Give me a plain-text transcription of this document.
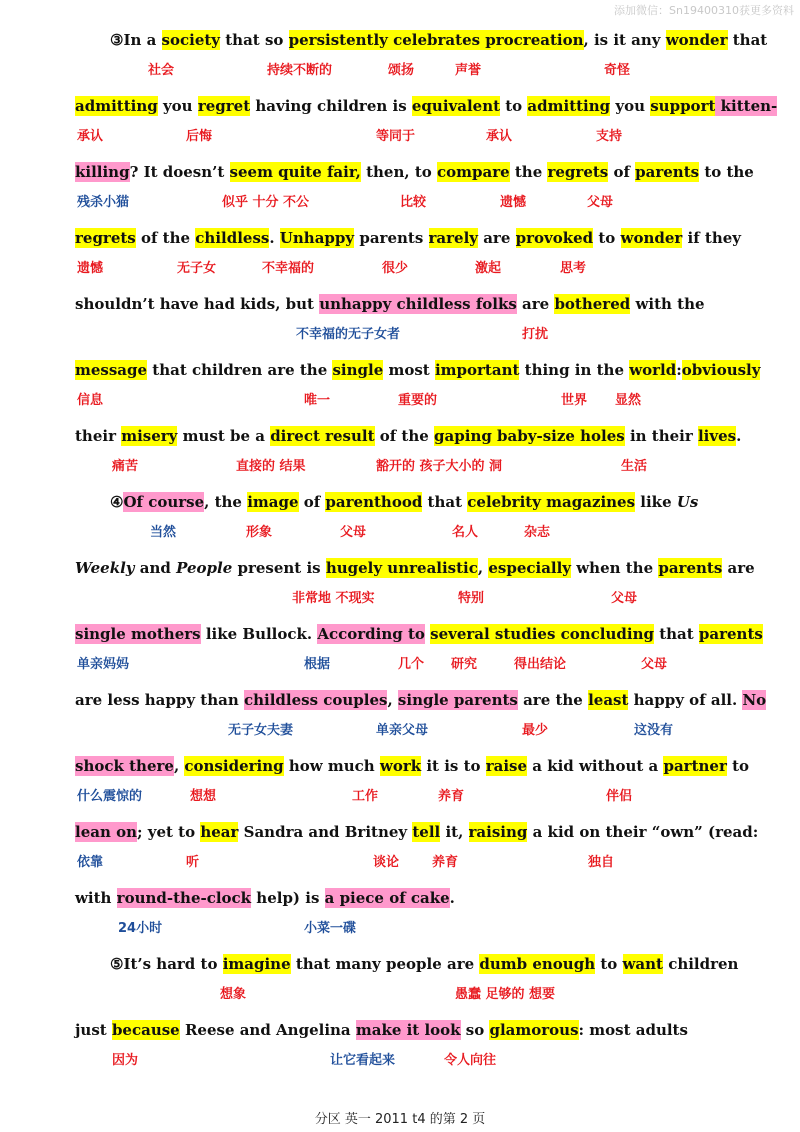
添加微信：Sn19400310获更多资料
③In a society that so persistently celebrates procreation, is it any wonder that
社会	持续不断的	颂扬	声誉	奇怪
admitting you regret having children is equivalent to admitting you support kitten-
承认	后悔	等同于	承认	支持
killing? It doesn’t seem quite fair, then, to compare the regrets of parents to the
残杀小猫	似乎 十分 不公	比较	遗憾	父母
regrets of the childless. Unhappy parents rarely are provoked to wonder if they
遗憾	无子女	不幸福的	很少	激起	思考
shouldn’t have had kids, but unhappy childless folks are bothered with the
不幸福的无子女者	打扰
message that children are the single most important thing in the world:obviously
信息	唯一	重要的	世界 显然
their misery must be a direct result of the gaping baby-size holes in their lives.
痛苦	直接的 结果	豁开的 孩子大小的 洞	生活
④Of course, the image of parenthood that celebrity magazines like Us
当然	形象	父母	名人	杂志
Weekly and People present is hugely unrealistic, especially when the parents are
非常地 不现实	特别	父母
single mothers like Bullock. According to several studies concluding that parents
单亲妈妈	根据	几个 研究	得出结论	父母
are less happy than childless couples, single parents are the least happy of all. No
无子女夫妻	单亲父母	最少	这没有
shock there, considering how much work it is to raise a kid without a partner to
什么震惊的	想想	工作	养育	伴侣
lean on; yet to hear Sandra and Britney tell it, raising a kid on their “own” (read:
依靠	听	谈论	养育	独自
with round-the-clock help) is a piece of cake.
24小时	小菜一碟
⑤It’s hard to imagine that many people are dumb enough to want children
想象	愚蠢 足够的 想要
just because Reese and Angelina make it look so glamorous: most adults
因为	让它看起来	令人向往
分区 英一 2011 t4 的第 2 页
